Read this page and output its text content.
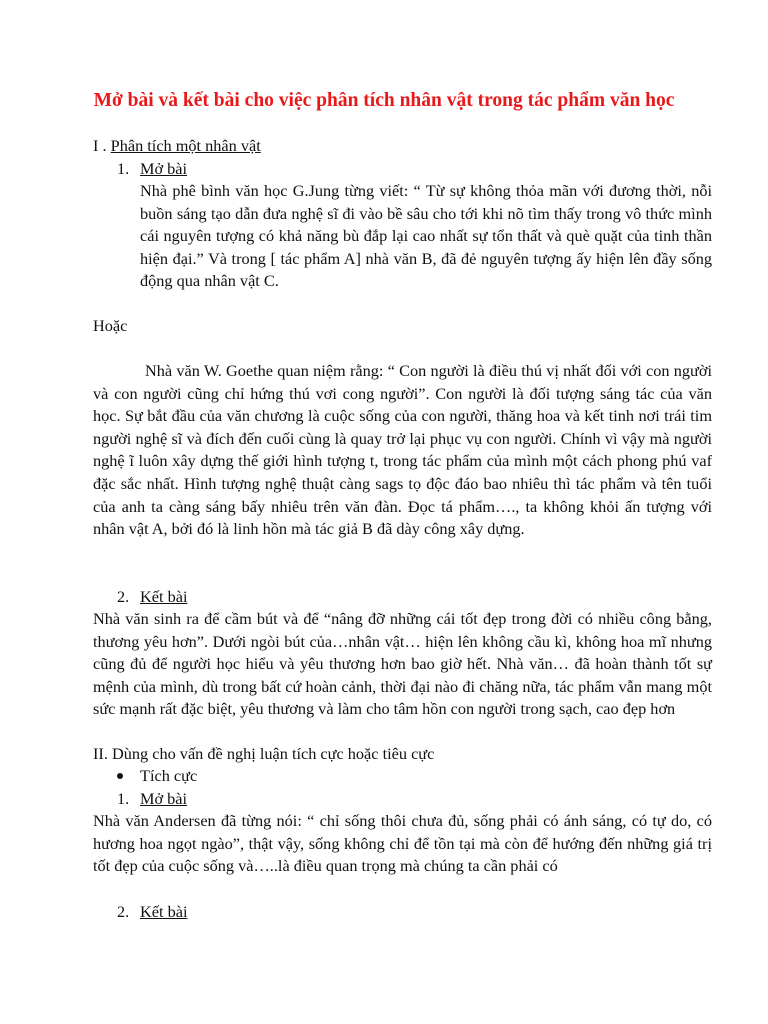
Mở bài và kết bài cho việc phân tích nhân vật trong tác phẩm văn học
I . Phân tích một nhân vật
1. Mở bài
Nhà phê bình văn học G.Jung từng viết: “ Từ sự không thỏa mãn với đương thời, nỗi buồn sáng tạo dẫn đưa nghệ sĩ đi vào bề sâu cho tới khi nõ tìm thấy trong vô thức mình cái nguyên tượng có khả năng bù đắp lại cao nhất sự tổn thất và què quặt của tinh thần hiện đại.” Và trong [ tác phẩm A] nhà văn B, đã đẻ nguyên tượng ấy hiện lên đầy sống động qua nhân vật C.
Hoặc
Nhà văn W. Goethe quan niệm rằng: “ Con người là điều thú vị nhất đối với con người và con người cũng chỉ hứng thú vơi cong người”. Con người là đối tượng sáng tác của văn học. Sự bắt đầu của văn chương là cuộc sống của con người, thăng hoa và kết tinh nơi trái tim người nghệ sĩ và đích đến cuối cùng là quay trở lại phục vụ con người. Chính vì vậy mà người nghệ ĩ luôn xây dựng thế giới hình tượng t, trong tác phẩm của mình một cách phong phú vaf đặc sắc nhất. Hình tượng nghệ thuật càng sags tọ độc đáo bao nhiêu thì tác phẩm và tên tuổi của anh ta càng sáng bấy nhiêu trên văn đàn. Đọc tá phẩm…., ta không khỏi ấn tượng với nhân vật A, bởi đó là linh hồn mà tác giả B đã dày công xây dựng.
2. Kết bài
Nhà văn sinh ra để cầm bút và để “nâng đỡ những cái tốt đẹp trong đời có nhiều công bằng, thương yêu hơn”. Dưới ngòi bút của…nhân vật… hiện lên không cầu kì, không hoa mĩ nhưng cũng đủ để người học hiểu và yêu thương hơn bao giờ hết. Nhà văn… đã hoàn thành tốt sự mệnh của mình, dù trong bất cứ hoàn cảnh, thời đại nào đi chăng nữa, tác phẩm vẫn mang một sức mạnh rất đặc biệt, yêu thương và làm cho tâm hồn con người trong sạch, cao đẹp hơn
II. Dùng cho vấn đề nghị luận tích cực hoặc tiêu cực
Tích cực
1. Mở bài
Nhà văn Andersen đã từng nói: “ chỉ sống thôi chưa đủ, sống phải có ánh sáng, có tự do, có hương hoa ngọt ngào”, thật vậy, sống không chỉ để tồn tại mà còn để hướng đến những giá trị tốt đẹp của cuộc sống và…..là điều quan trọng mà chúng ta cần phải có
2. Kết bài
